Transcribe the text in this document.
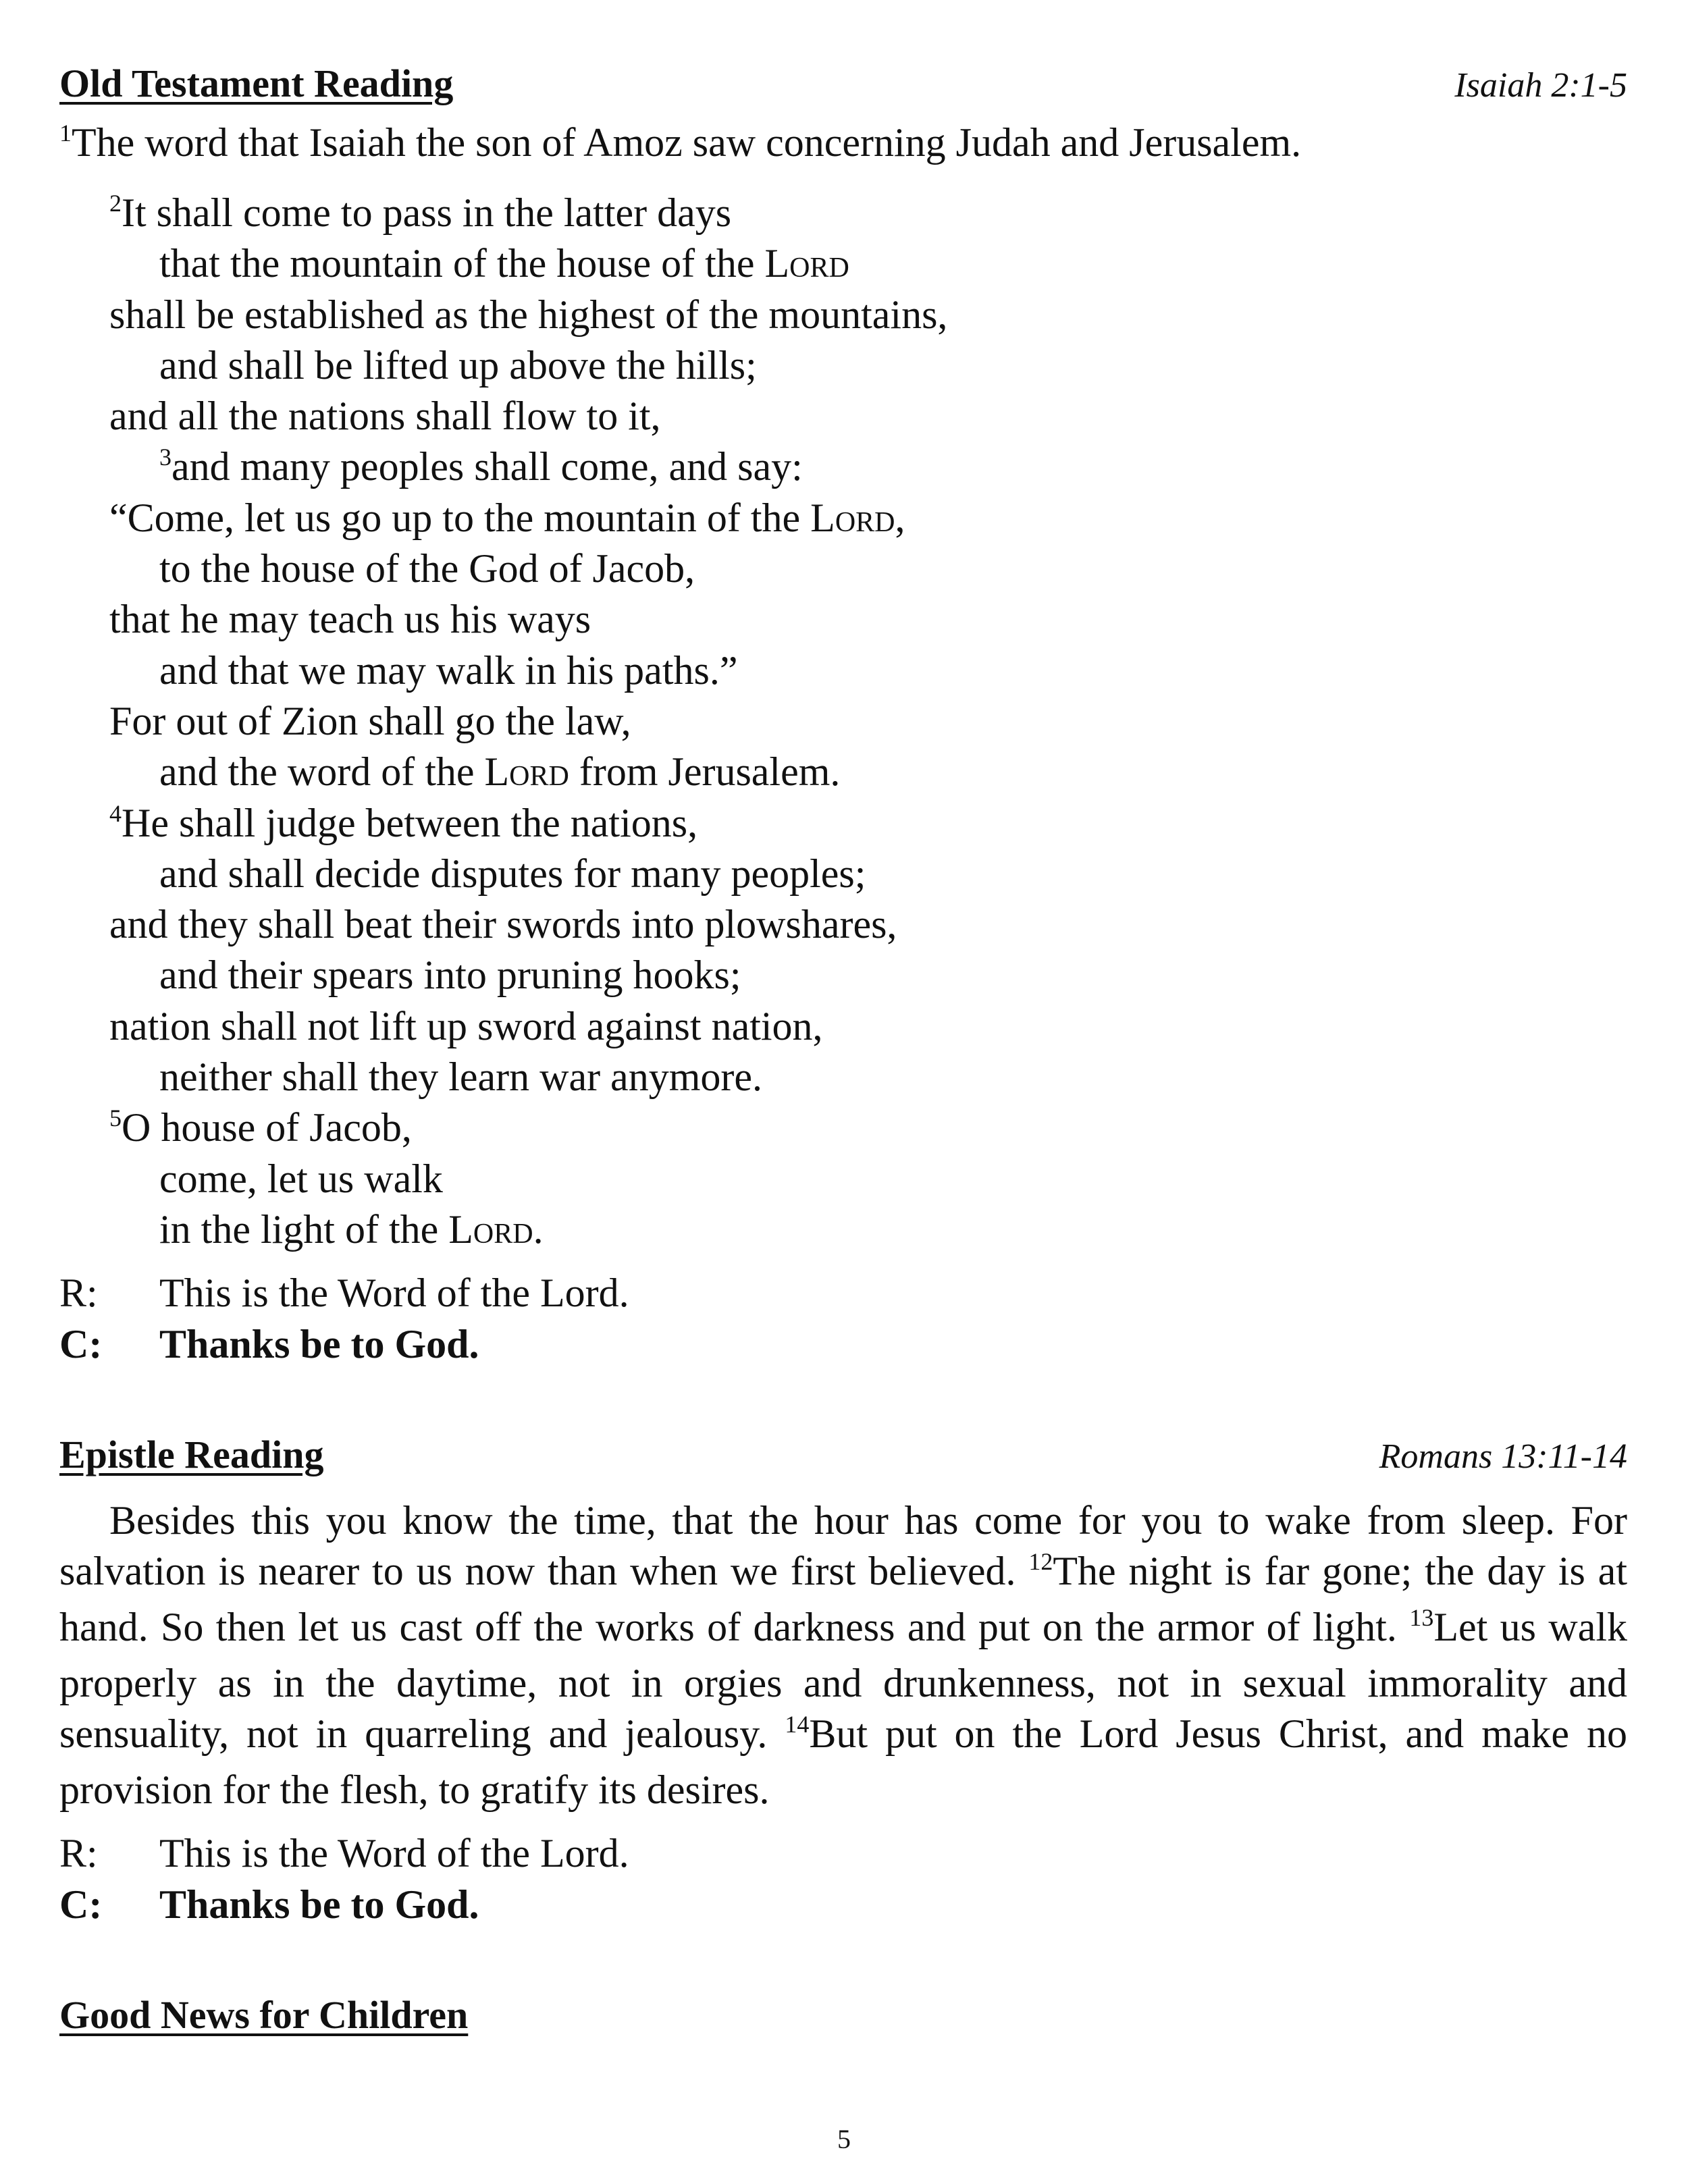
Old Testament Reading	Isaiah 2:1-5
$^1$The word that Isaiah the son of Amoz saw concerning Judah and Jerusalem.
$^2$It shall come to pass in the latter days
that the mountain of the house of the Lord
shall be established as the highest of the mountains,
and shall be lifted up above the hills;
and all the nations shall flow to it,
$^3$and many peoples shall come, and say:
“Come, let us go up to the mountain of the Lord,
to the house of the God of Jacob,
that he may teach us his ways
and that we may walk in his paths.”
For out of Zion shall go the law,
and the word of the Lord from Jerusalem.
$^4$He shall judge between the nations,
and shall decide disputes for many peoples;
and they shall beat their swords into plowshares,
and their spears into pruning hooks;
nation shall not lift up sword against nation,
neither shall they learn war anymore.
$^5$O house of Jacob,
come, let us walk
in the light of the Lord.
R:	This is the Word of the Lord.
C:	Thanks be to God.
Epistle Reading	Romans 13:11-14
Besides this you know the time, that the hour has come for you to wake from sleep. For salvation is nearer to us now than when we first believed. $^{12}$The night is far gone; the day is at hand. So then let us cast off the works of darkness and put on the armor of light. $^{13}$Let us walk properly as in the daytime, not in orgies and drunkenness, not in sexual immorality and sensuality, not in quarreling and jealousy. $^{14}$But put on the Lord Jesus Christ, and make no provision for the flesh, to gratify its desires.
R:	This is the Word of the Lord.
C:	Thanks be to God.
Good News for Children
5
